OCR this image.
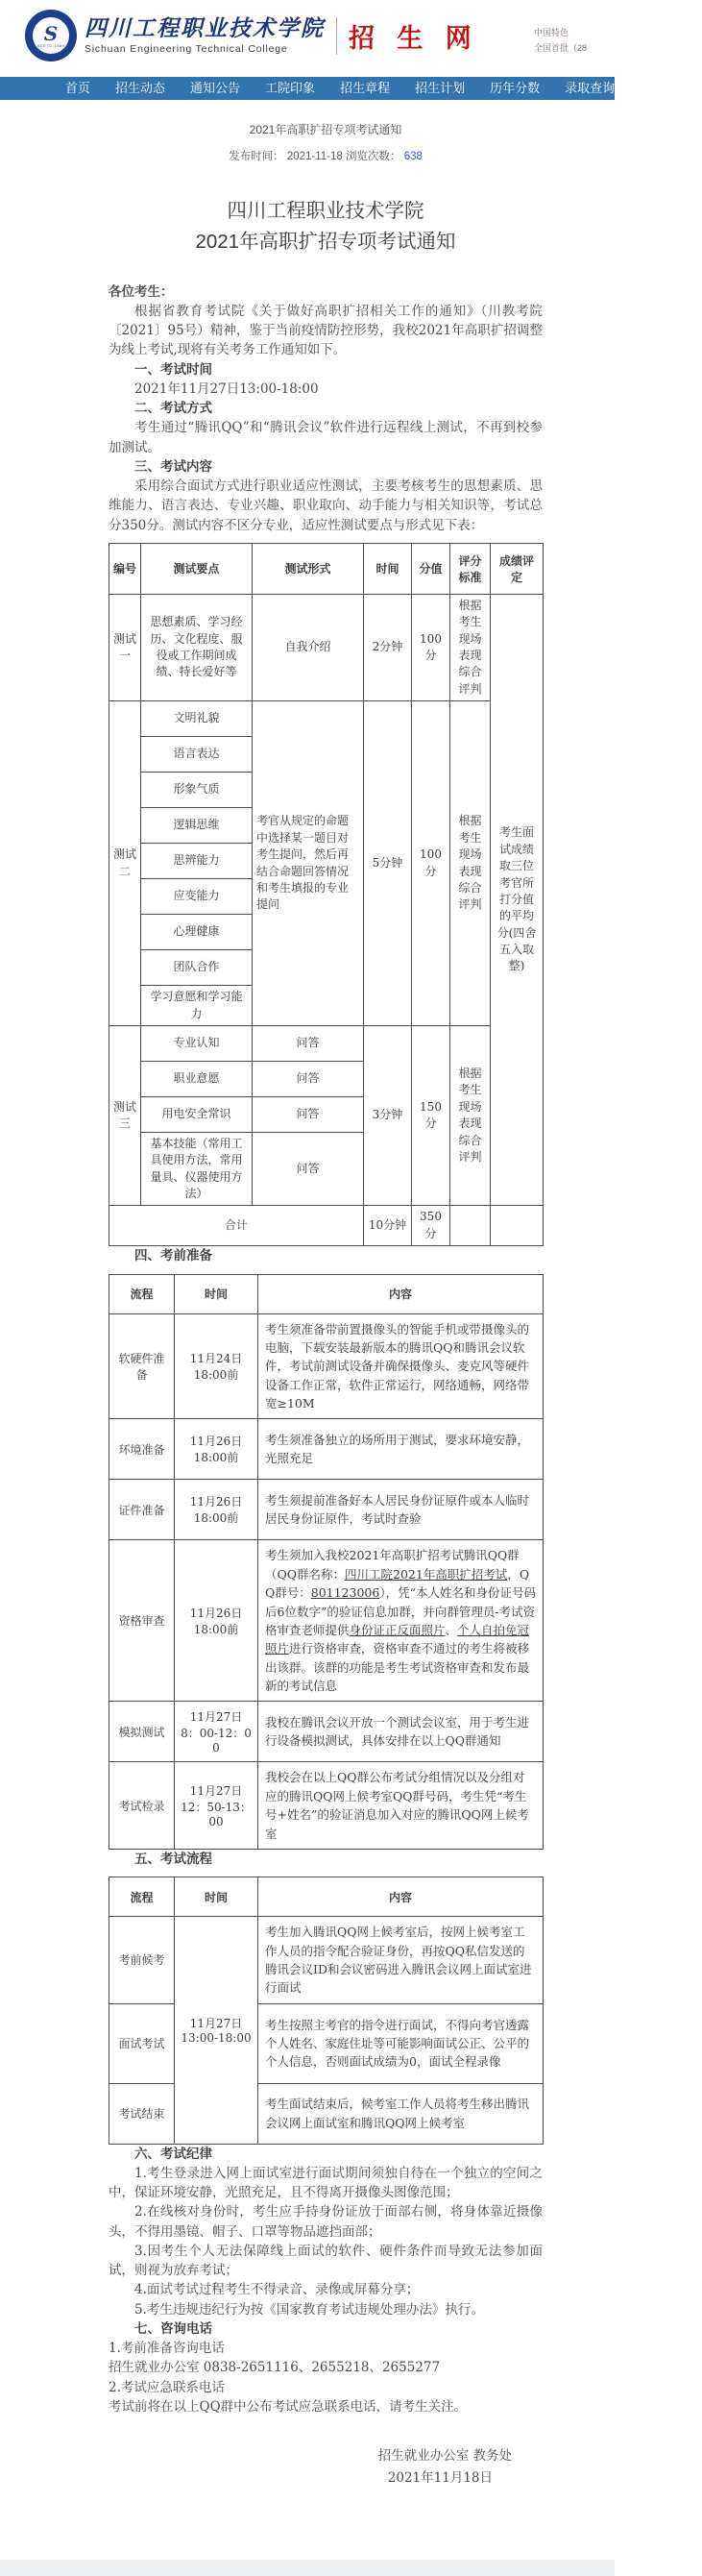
S
SCETC-1959
四川工程职业技术学院
Sichuan Engineering Technical College	招 生 网	中国特色
全国首批（28
首页	招生动态	通知公告	工院印象	招生章程	招生计划	历年分数	录取查询	联系方式
2021年高职扩招专项考试通知
发布时间： 2021-11-18 浏览次数： 638
四川工程职业技术学院
2021年高职扩招专项考试通知

各位考生：

根据省教育考试院《关于做好高职扩招相关工作的通知》（川教考院〔2021〕95号）精神，鉴于当前疫情防控形势，我校2021年高职扩招调整为线上考试,现将有关考务工作通知如下。

一、考试时间

2021年11月27日13:00-18:00

二、考试方式

考生通过“腾讯QQ”和“腾讯会议”软件进行远程线上测试，不再到校参加测试。

三、考试内容

采用综合面试方式进行职业适应性测试，主要考核考生的思想素质、思维能力、语言表达、专业兴趣、职业取向、动手能力与相关知识等，考试总分350分。测试内容不区分专业，适应性测试要点与形式见下表：

编号	测试要点	测试形式	时间	分值	评分标准	成绩评定
测试一	思想素质、学习经历、文化程度、服役或工作期间成绩、特长爱好等	自我介绍	2分钟	100分	根据考生现场表现综合评判	考生面试成绩取三位考官所打分值的平均分(四舍五入取整)
测试二	文明礼貌	考官从规定的命题中选择某一题目对考生提问，然后再结合命题回答情况和考生填报的专业提问	5分钟	100分	根据考生现场表现综合评判	
	语言表达					
	形象气质					
	逻辑思维					
	思辨能力					
	应变能力					
	心理健康					
	团队合作					
	学习意愿和学习能力					
测试三	专业认知	问答	3分钟	150分	根据考生现场表现综合评判	
	职业意愿	问答				
	用电安全常识	问答				
	基本技能（常用工具使用方法，常用量具、仪器使用方法）	问答				
合计			10分钟	350分		

四、考前准备

流程	时间	内容
软硬件准备	11月24日
18:00前	考生须准备带前置摄像头的智能手机或带摄像头的电脑，下载安装最新版本的腾讯QQ和腾讯会议软件，考试前测试设备并确保摄像头、麦克风等硬件设备工作正常，软件正常运行，网络通畅，网络带宽≥10M
环境准备	11月26日
18:00前	考生须准备独立的场所用于测试，要求环境安静，光照充足
证件准备	11月26日
18:00前	考生须提前准备好本人居民身份证原件或本人临时居民身份证原件，考试时查验
资格审查	11月26日
18:00前	考生须加入我校2021年高职扩招考试腾讯QQ群（QQ群名称：四川工院2021年高职扩招考试，QQ群号：801123006），凭“本人姓名和身份证号码后6位数字”的验证信息加群，并向群管理员-考试资格审查老师提供身份证正反面照片、个人自拍免冠照片进行资格审查，资格审查不通过的考生将被移出该群。该群的功能是考生考试资格审查和发布最新的考试信息
模拟测试	11月27日
8：00-12：00	我校在腾讯会议开放一个测试会议室，用于考生进行设备模拟测试，具体安排在以上QQ群通知
考试检录	11月27日
12：50-13：00	我校会在以上QQ群公布考试分组情况以及分组对应的腾讯QQ网上候考室QQ群号码，考生凭“考生号+姓名”的验证消息加入对应的腾讯QQ网上候考室

五、考试流程

流程	时间	内容
考前候考	11月27日
13:00-18:00	考生加入腾讯QQ网上候考室后，按网上候考室工作人员的指令配合验证身份，再按QQ私信发送的腾讯会议ID和会议密码进入腾讯会议网上面试室进行面试
面试考试		考生按照主考官的指令进行面试，不得向考官透露个人姓名、家庭住址等可能影响面试公正、公平的个人信息，否则面试成绩为0，面试全程录像
考试结束		考生面试结束后，候考室工作人员将考生移出腾讯会议网上面试室和腾讯QQ网上候考室

六、考试纪律

1.考生登录进入网上面试室进行面试期间须独自待在一个独立的空间之中，保证环境安静，光照充足，且不得离开摄像头图像范围；

2.在线核对身份时，考生应手持身份证放于面部右侧，将身体靠近摄像头，不得用墨镜、帽子、口罩等物品遮挡面部；

3.因考生个人无法保障线上面试的软件、硬件条件而导致无法参加面试，则视为放弃考试；

4.面试考试过程考生不得录音、录像或屏幕分享；

5.考生违规违纪行为按《国家教育考试违规处理办法》执行。

七、咨询电话

1.考前准备咨询电话

招生就业办公室 0838-2651116、2655218、2655277

2.考试应急联系电话

考试前将在以上QQ群中公布考试应急联系电话，请考生关注。

招生就业办公室 教务处
2021年11月18日
